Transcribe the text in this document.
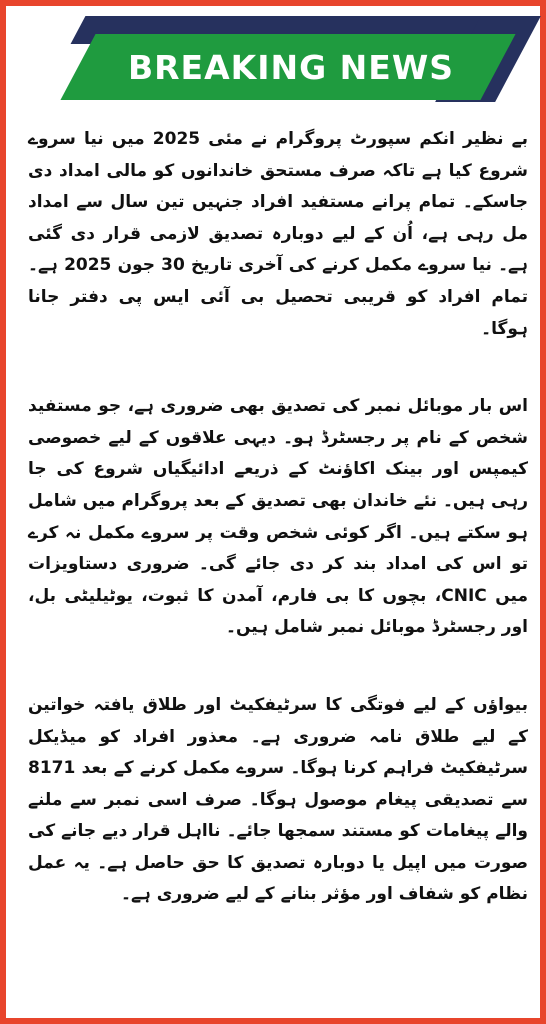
BREAKING NEWS

بے نظیر انکم سپورٹ پروگرام نے مئی 2025 میں نیا سروے شروع کیا ہے تاکہ صرف مستحق خاندانوں کو مالی امداد دی جاسکے۔ تمام پرانے مستفید افراد جنہیں تین سال سے امداد مل رہی ہے، اُن کے لیے دوبارہ تصدیق لازمی قرار دی گئی ہے۔ نیا سروے مکمل کرنے کی آخری تاریخ 30 جون 2025 ہے۔ تمام افراد کو قریبی تحصیل بی آئی ایس پی دفتر جانا ہوگا۔

اس بار موبائل نمبر کی تصدیق بھی ضروری ہے، جو مستفید شخص کے نام پر رجسٹرڈ ہو۔ دیہی علاقوں کے لیے خصوصی کیمپس اور بینک اکاؤنٹ کے ذریعے ادائیگیاں شروع کی جا رہی ہیں۔ نئے خاندان بھی تصدیق کے بعد پروگرام میں شامل ہو سکتے ہیں۔ اگر کوئی شخص وقت پر سروے مکمل نہ کرے تو اس کی امداد بند کر دی جائے گی۔ ضروری دستاویزات میں CNIC، بچوں کا بی فارم، آمدن کا ثبوت، یوٹیلیٹی بل، اور رجسٹرڈ موبائل نمبر شامل ہیں۔

بیواؤں کے لیے فوتگی کا سرٹیفکیٹ اور طلاق یافتہ خواتین کے لیے طلاق نامہ ضروری ہے۔ معذور افراد کو میڈیکل سرٹیفکیٹ فراہم کرنا ہوگا۔ سروے مکمل کرنے کے بعد 8171 سے تصدیقی پیغام موصول ہوگا۔ صرف اسی نمبر سے ملنے والے پیغامات کو مستند سمجھا جائے۔ نااہل قرار دیے جانے کی صورت میں اپیل یا دوبارہ تصدیق کا حق حاصل ہے۔ یہ عمل نظام کو شفاف اور مؤثر بنانے کے لیے ضروری ہے۔
